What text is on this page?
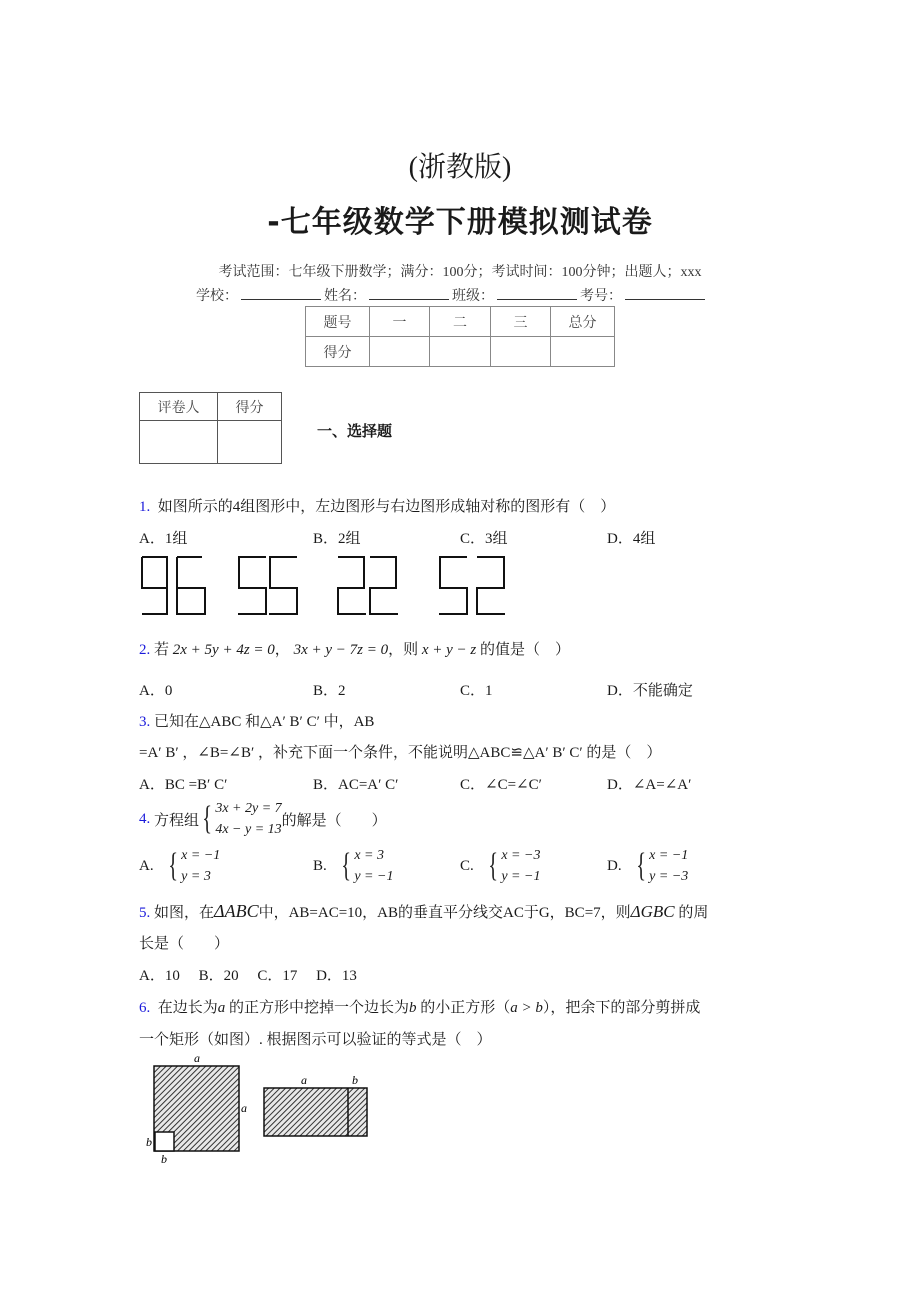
(浙教版)
-七年级数学下册模拟测试卷
考试范围：七年级下册数学；满分：100分；考试时间：100分钟；出题人；xxx
学校：	姓名：	班级：	考号：
题号	一	二	三	总分
得分				
评卷人	得分

一、选择题
1. 如图所示的4组图形中，左边图形与右边图形成轴对称的图形有（　）
A．1组	B．2组	C．3组	D．4组
2. 若 2x + 5y + 4z = 0， 3x + y − 7z = 0，则 x + y − z 的值是（　）
A．0	B．2	C．1	D．不能确定
3. 已知在△ABC 和△A′ B′ C′ 中，AB
=A′ B′ ，∠B=∠B′ ，补充下面一个条件，不能说明△ABC≌△A′ B′ C′ 的是（　）
A．BC =B′ C′	B．AC=A′ C′	C．∠C=∠C′	D．∠A=∠A′
4.
方程组 { 3x + 2y = 7
4x − y = 13
的解是（　　）
A.
{ x = −1
y = 3
B.
{ x = 3
y = −1
C.
{ x = −3
y = −1
D.
{ x = −1
y = −3
5. 如图，在ΔABC中，AB=AC=10，AB的垂直平分线交AC于G，BC=7，则ΔGBC 的周
长是（　　）
A．10　 B．20　 C．17　 D．13
6. 在边长为a 的正方形中挖掉一个边长为b 的小正方形（a > b），把余下的部分剪拼成
一个矩形（如图）. 根据图示可以验证的等式是（　）
a
a
b
b
a	b
